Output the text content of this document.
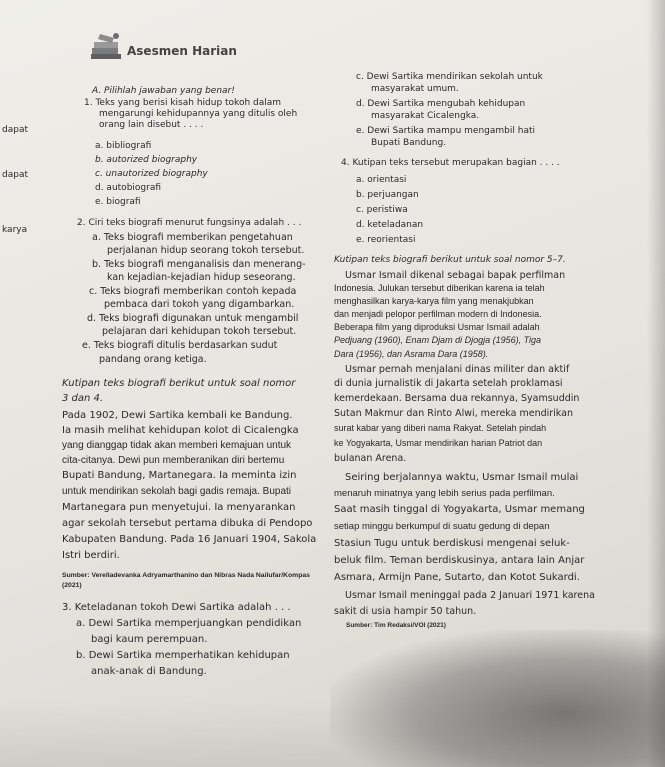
Asesmen Harian
dapat
dapat
karya
A. Pilihlah jawaban yang benar!
1. Teks yang berisi kisah hidup tokoh dalam
mengarungi kehidupannya yang ditulis oleh
orang lain disebut . . . .
a. bibliografi
b. autorized biography
c. unautorized biography
d. autobiografi
e. biografi
2. Ciri teks biografi menurut fungsinya adalah . . .
a. Teks biografi memberikan pengetahuan
perjalanan hidup seorang tokoh tersebut.
b. Teks biografi menganalisis dan menerang-
kan kejadian-kejadian hidup seseorang.
c. Teks biografi memberikan contoh kepada
pembaca dari tokoh yang digambarkan.
d. Teks biografi digunakan untuk mengambil
pelajaran dari kehidupan tokoh tersebut.
e. Teks biografi ditulis berdasarkan sudut
pandang orang ketiga.
Kutipan teks biografi berikut untuk soal nomor
3 dan 4.
Pada 1902, Dewi Sartika kembali ke Bandung.
Ia masih melihat kehidupan kolot di Cicalengka
yang dianggap tidak akan memberi kemajuan untuk
cita-citanya. Dewi pun memberanikan diri bertemu
Bupati Bandung, Martanegara. Ia meminta izin
untuk mendirikan sekolah bagi gadis remaja. Bupati
Martanegara pun menyetujui. Ia menyarankan
agar sekolah tersebut pertama dibuka di Pendopo
Kabupaten Bandung. Pada 16 Januari 1904, Sakola
Istri berdiri.
Sumber: Verelladevanka Adryamarthanino dan Nibras Nada Nailufar/Kompas
(2021)
3. Keteladanan tokoh Dewi Sartika adalah . . .
a. Dewi Sartika memperjuangkan pendidikan
bagi kaum perempuan.
b. Dewi Sartika memperhatikan kehidupan
anak-anak di Bandung.
c. Dewi Sartika mendirikan sekolah untuk
masyarakat umum.
d. Dewi Sartika mengubah kehidupan
masyarakat Cicalengka.
e. Dewi Sartika mampu mengambil hati
Bupati Bandung.
4. Kutipan teks tersebut merupakan bagian . . . .
a. orientasi
b. perjuangan
c. peristiwa
d. keteladanan
e. reorientasi
Kutipan teks biografi berikut untuk soal nomor 5–7.
Usmar Ismail dikenal sebagai bapak perfilman
Indonesia. Julukan tersebut diberikan karena ia telah
menghasilkan karya-karya film yang menakjubkan
dan menjadi pelopor perfilman modern di Indonesia.
Beberapa film yang diproduksi Usmar Ismail adalah
Pedjuang (1960), Enam Djam di Djogja (1956), Tiga
Dara (1956), dan Asrama Dara (1958).
Usmar pernah menjalani dinas militer dan aktif
di dunia jurnalistik di Jakarta setelah proklamasi
kemerdekaan. Bersama dua rekannya, Syamsuddin
Sutan Makmur dan Rinto Alwi, mereka mendirikan
surat kabar yang diberi nama Rakyat. Setelah pindah
ke Yogyakarta, Usmar mendirikan harian Patriot dan
bulanan Arena.
Seiring berjalannya waktu, Usmar Ismail mulai
menaruh minatnya yang lebih serius pada perfilman.
Saat masih tinggal di Yogyakarta, Usmar memang
setiap minggu berkumpul di suatu gedung di depan
Stasiun Tugu untuk berdiskusi mengenai seluk-
beluk film. Teman berdiskusinya, antara lain Anjar
Asmara, Armijn Pane, Sutarto, dan Kotot Sukardi.
Usmar Ismail meninggal pada 2 Januari 1971 karena
sakit di usia hampir 50 tahun.
Sumber: Tim Redaksi/VOI (2021)
